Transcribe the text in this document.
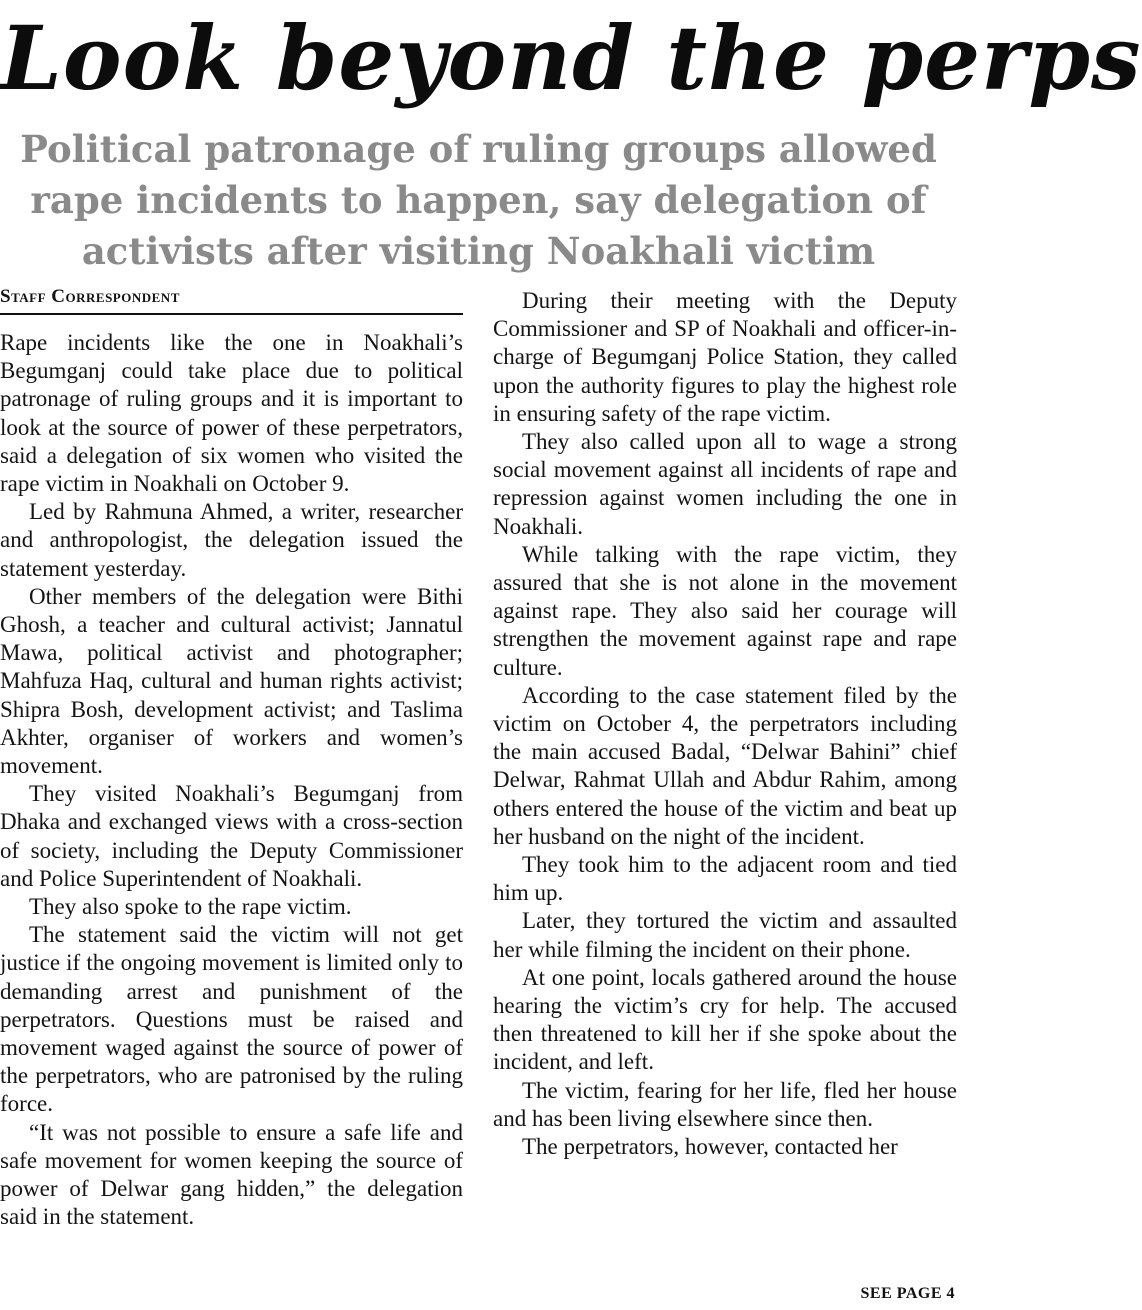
Look beyond the perps
Political patronage of ruling groups allowed rape incidents to happen, say delegation of activists after visiting Noakhali victim
Staff Correspondent

Rape incidents like the one in Noakhali’s Begumganj could take place due to political patronage of ruling groups and it is important to look at the source of power of these perpetrators, said a delegation of six women who visited the rape victim in Noakhali on October 9.

Led by Rahmuna Ahmed, a writer, researcher and anthropologist, the delegation issued the statement yesterday.

Other members of the delegation were Bithi Ghosh, a teacher and cultural activist; Jannatul Mawa, political activist and photographer; Mahfuza Haq, cultural and human rights activist; Shipra Bosh, development activist; and Taslima Akhter, organiser of workers and women’s movement.

They visited Noakhali’s Begumganj from Dhaka and exchanged views with a cross-section of society, including the Deputy Commissioner and Police Superintendent of Noakhali.

They also spoke to the rape victim.

The statement said the victim will not get justice if the ongoing movement is limited only to demanding arrest and punishment of the perpetrators. Questions must be raised and movement waged against the source of power of the perpetrators, who are patronised by the ruling force.

“It was not possible to ensure a safe life and safe movement for women keeping the source of power of Delwar gang hidden,” the delegation said in the statement.

During their meeting with the Deputy Commissioner and SP of Noakhali and officer-in-charge of Begumganj Police Station, they called upon the authority figures to play the highest role in ensuring safety of the rape victim.

They also called upon all to wage a strong social movement against all incidents of rape and repression against women including the one in Noakhali.

While talking with the rape victim, they assured that she is not alone in the movement against rape. They also said her courage will strengthen the movement against rape and rape culture.

According to the case statement filed by the victim on October 4, the perpetrators including the main accused Badal, “Delwar Bahini” chief Delwar, Rahmat Ullah and Abdur Rahim, among others entered the house of the victim and beat up her husband on the night of the incident.

They took him to the adjacent room and tied him up.

Later, they tortured the victim and assaulted her while filming the incident on their phone.

At one point, locals gathered around the house hearing the victim’s cry for help. The accused then threatened to kill her if she spoke about the incident, and left.

The victim, fearing for her life, fled her house and has been living elsewhere since then.

The perpetrators, however, contacted her

SEE PAGE 4
